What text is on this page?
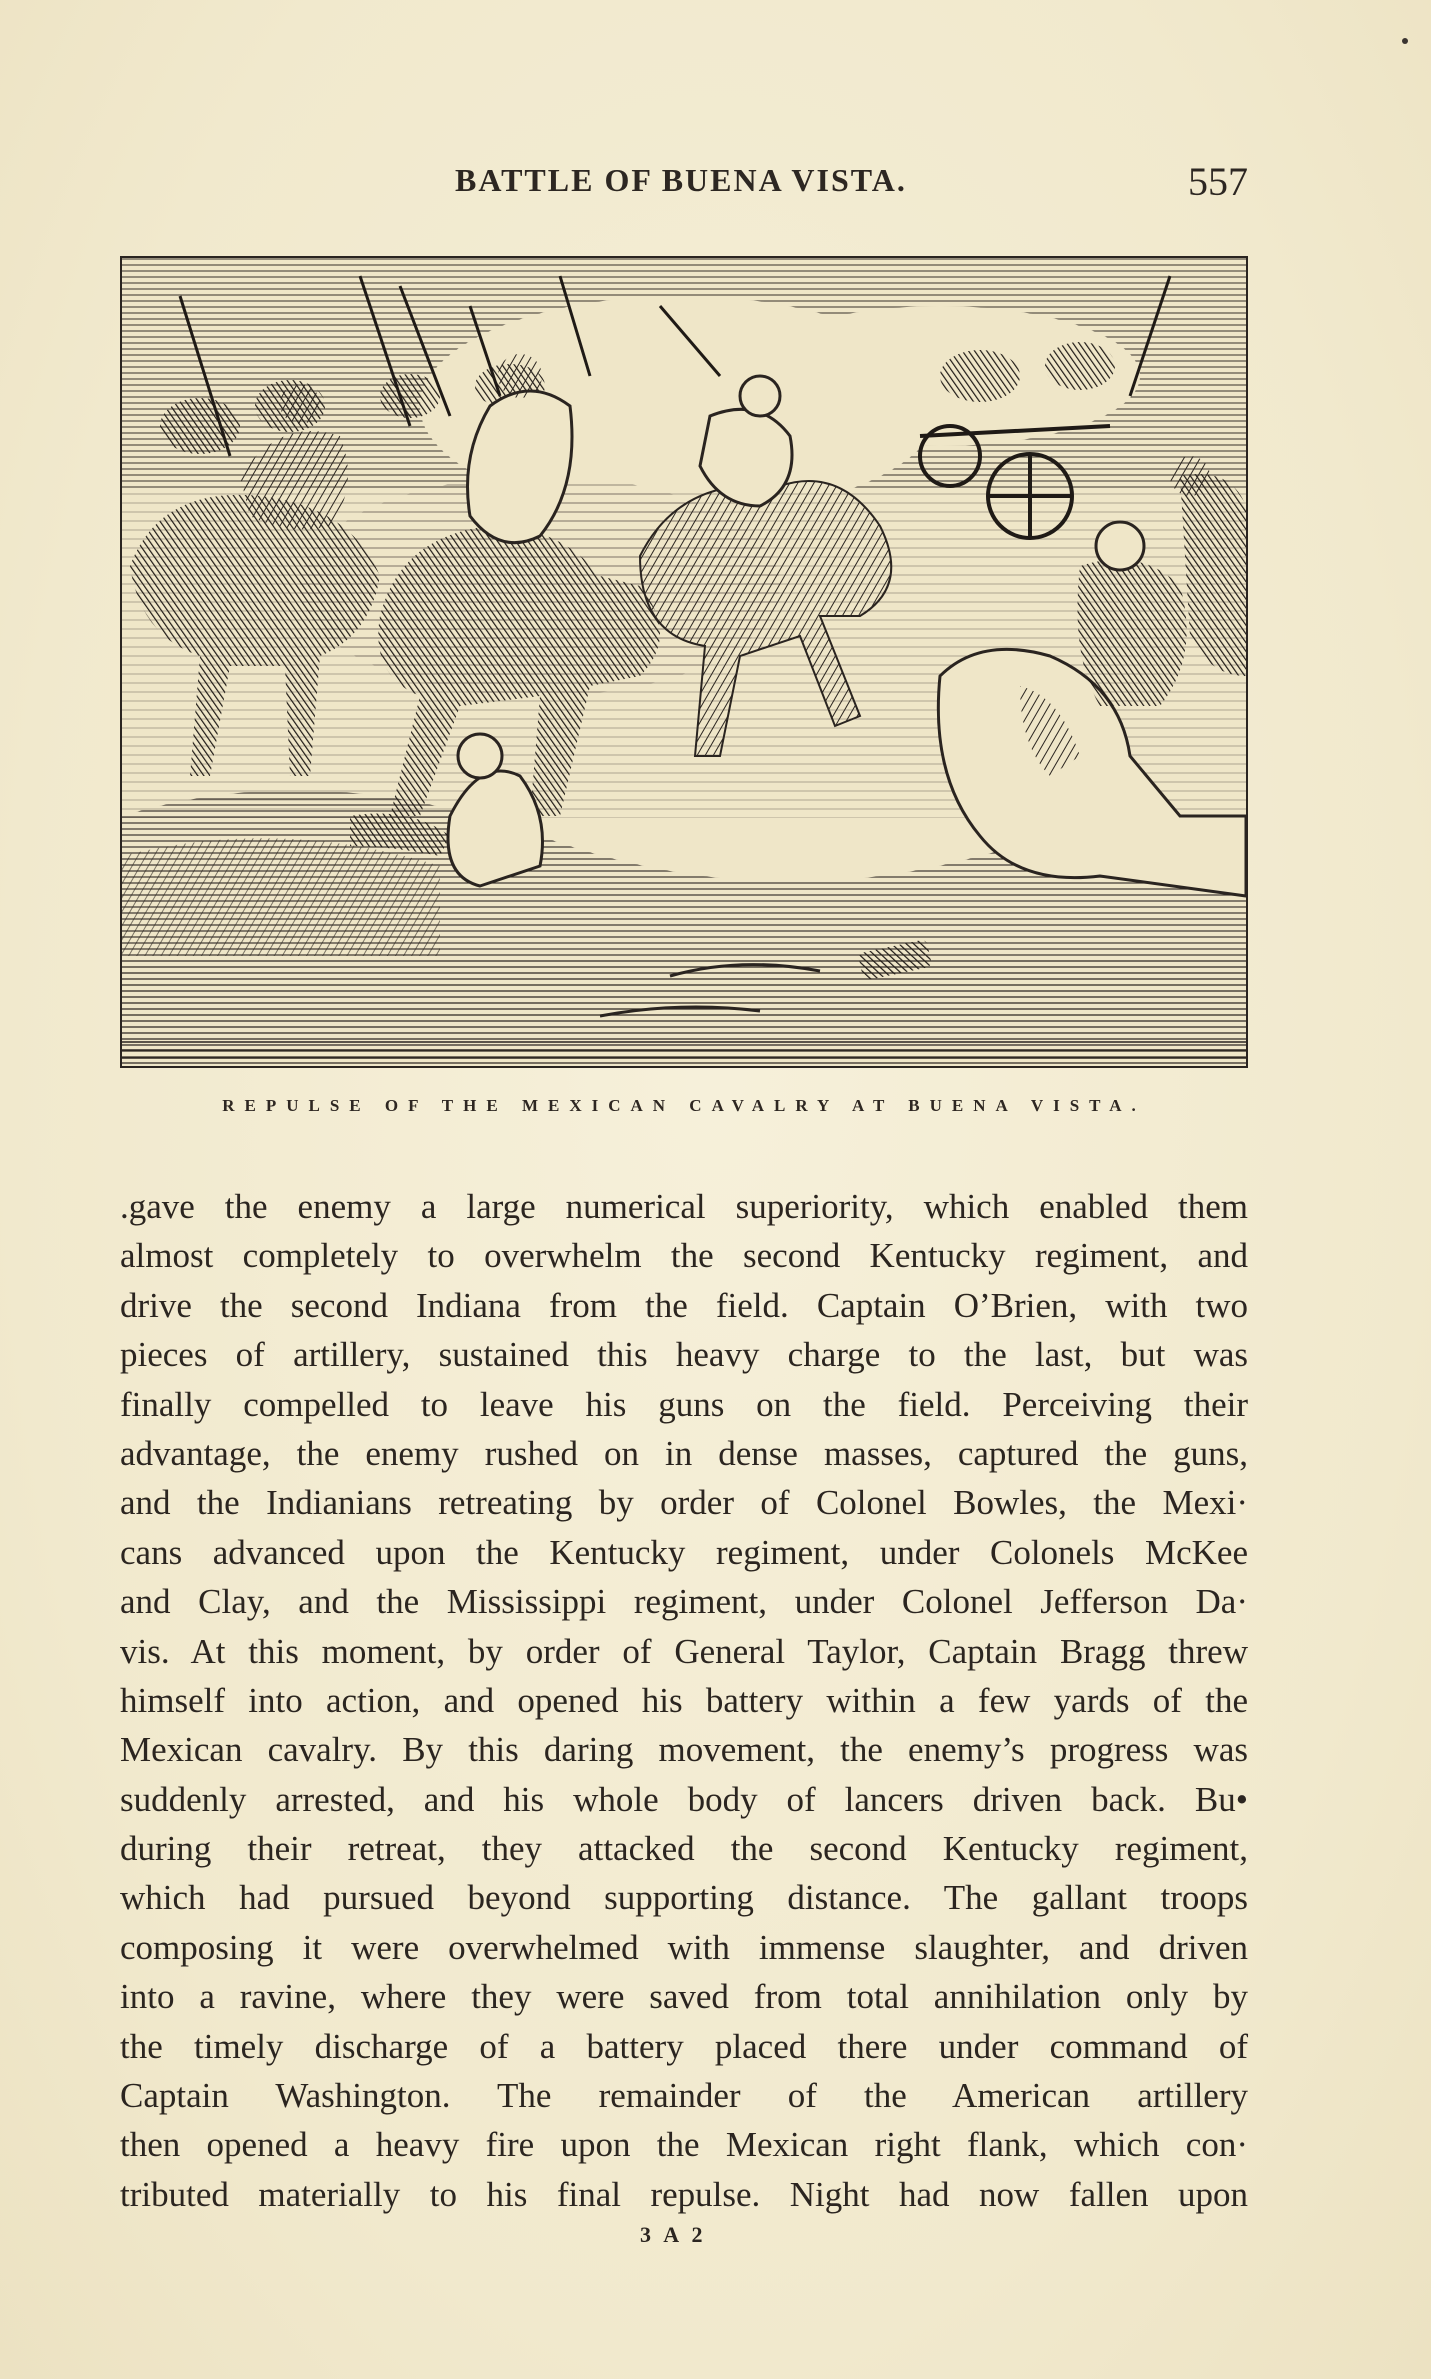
BATTLE OF BUENA VISTA.	557
REPULSE OF THE MEXICAN CAVALRY AT BUENA VISTA.
.gave the enemy a large numerical superiority, which enabled them
almost completely to overwhelm the second Kentucky regiment, and
drive the second Indiana from the field. Captain O’Brien, with two
pieces of artillery, sustained this heavy charge to the last, but was
finally compelled to leave his guns on the field. Perceiving their
advantage, the enemy rushed on in dense masses, captured the guns,
and the Indianians retreating by order of Colonel Bowles, the Mexi·
cans advanced upon the Kentucky regiment, under Colonels McKee
and Clay, and the Mississippi regiment, under Colonel Jefferson Da·
vis. At this moment, by order of General Taylor, Captain Bragg threw
himself into action, and opened his battery within a few yards of the
Mexican cavalry. By this daring movement, the enemy’s progress was
suddenly arrested, and his whole body of lancers driven back. Bu•
during their retreat, they attacked the second Kentucky regiment,
which had pursued beyond supporting distance. The gallant troops
composing it were overwhelmed with immense slaughter, and driven
into a ravine, where they were saved from total annihilation only by
the timely discharge of a battery placed there under command of
Captain Washington. The remainder of the American artillery
then opened a heavy fire upon the Mexican right flank, which con·
tributed materially to his final repulse. Night had now fallen upon
3 A 2
